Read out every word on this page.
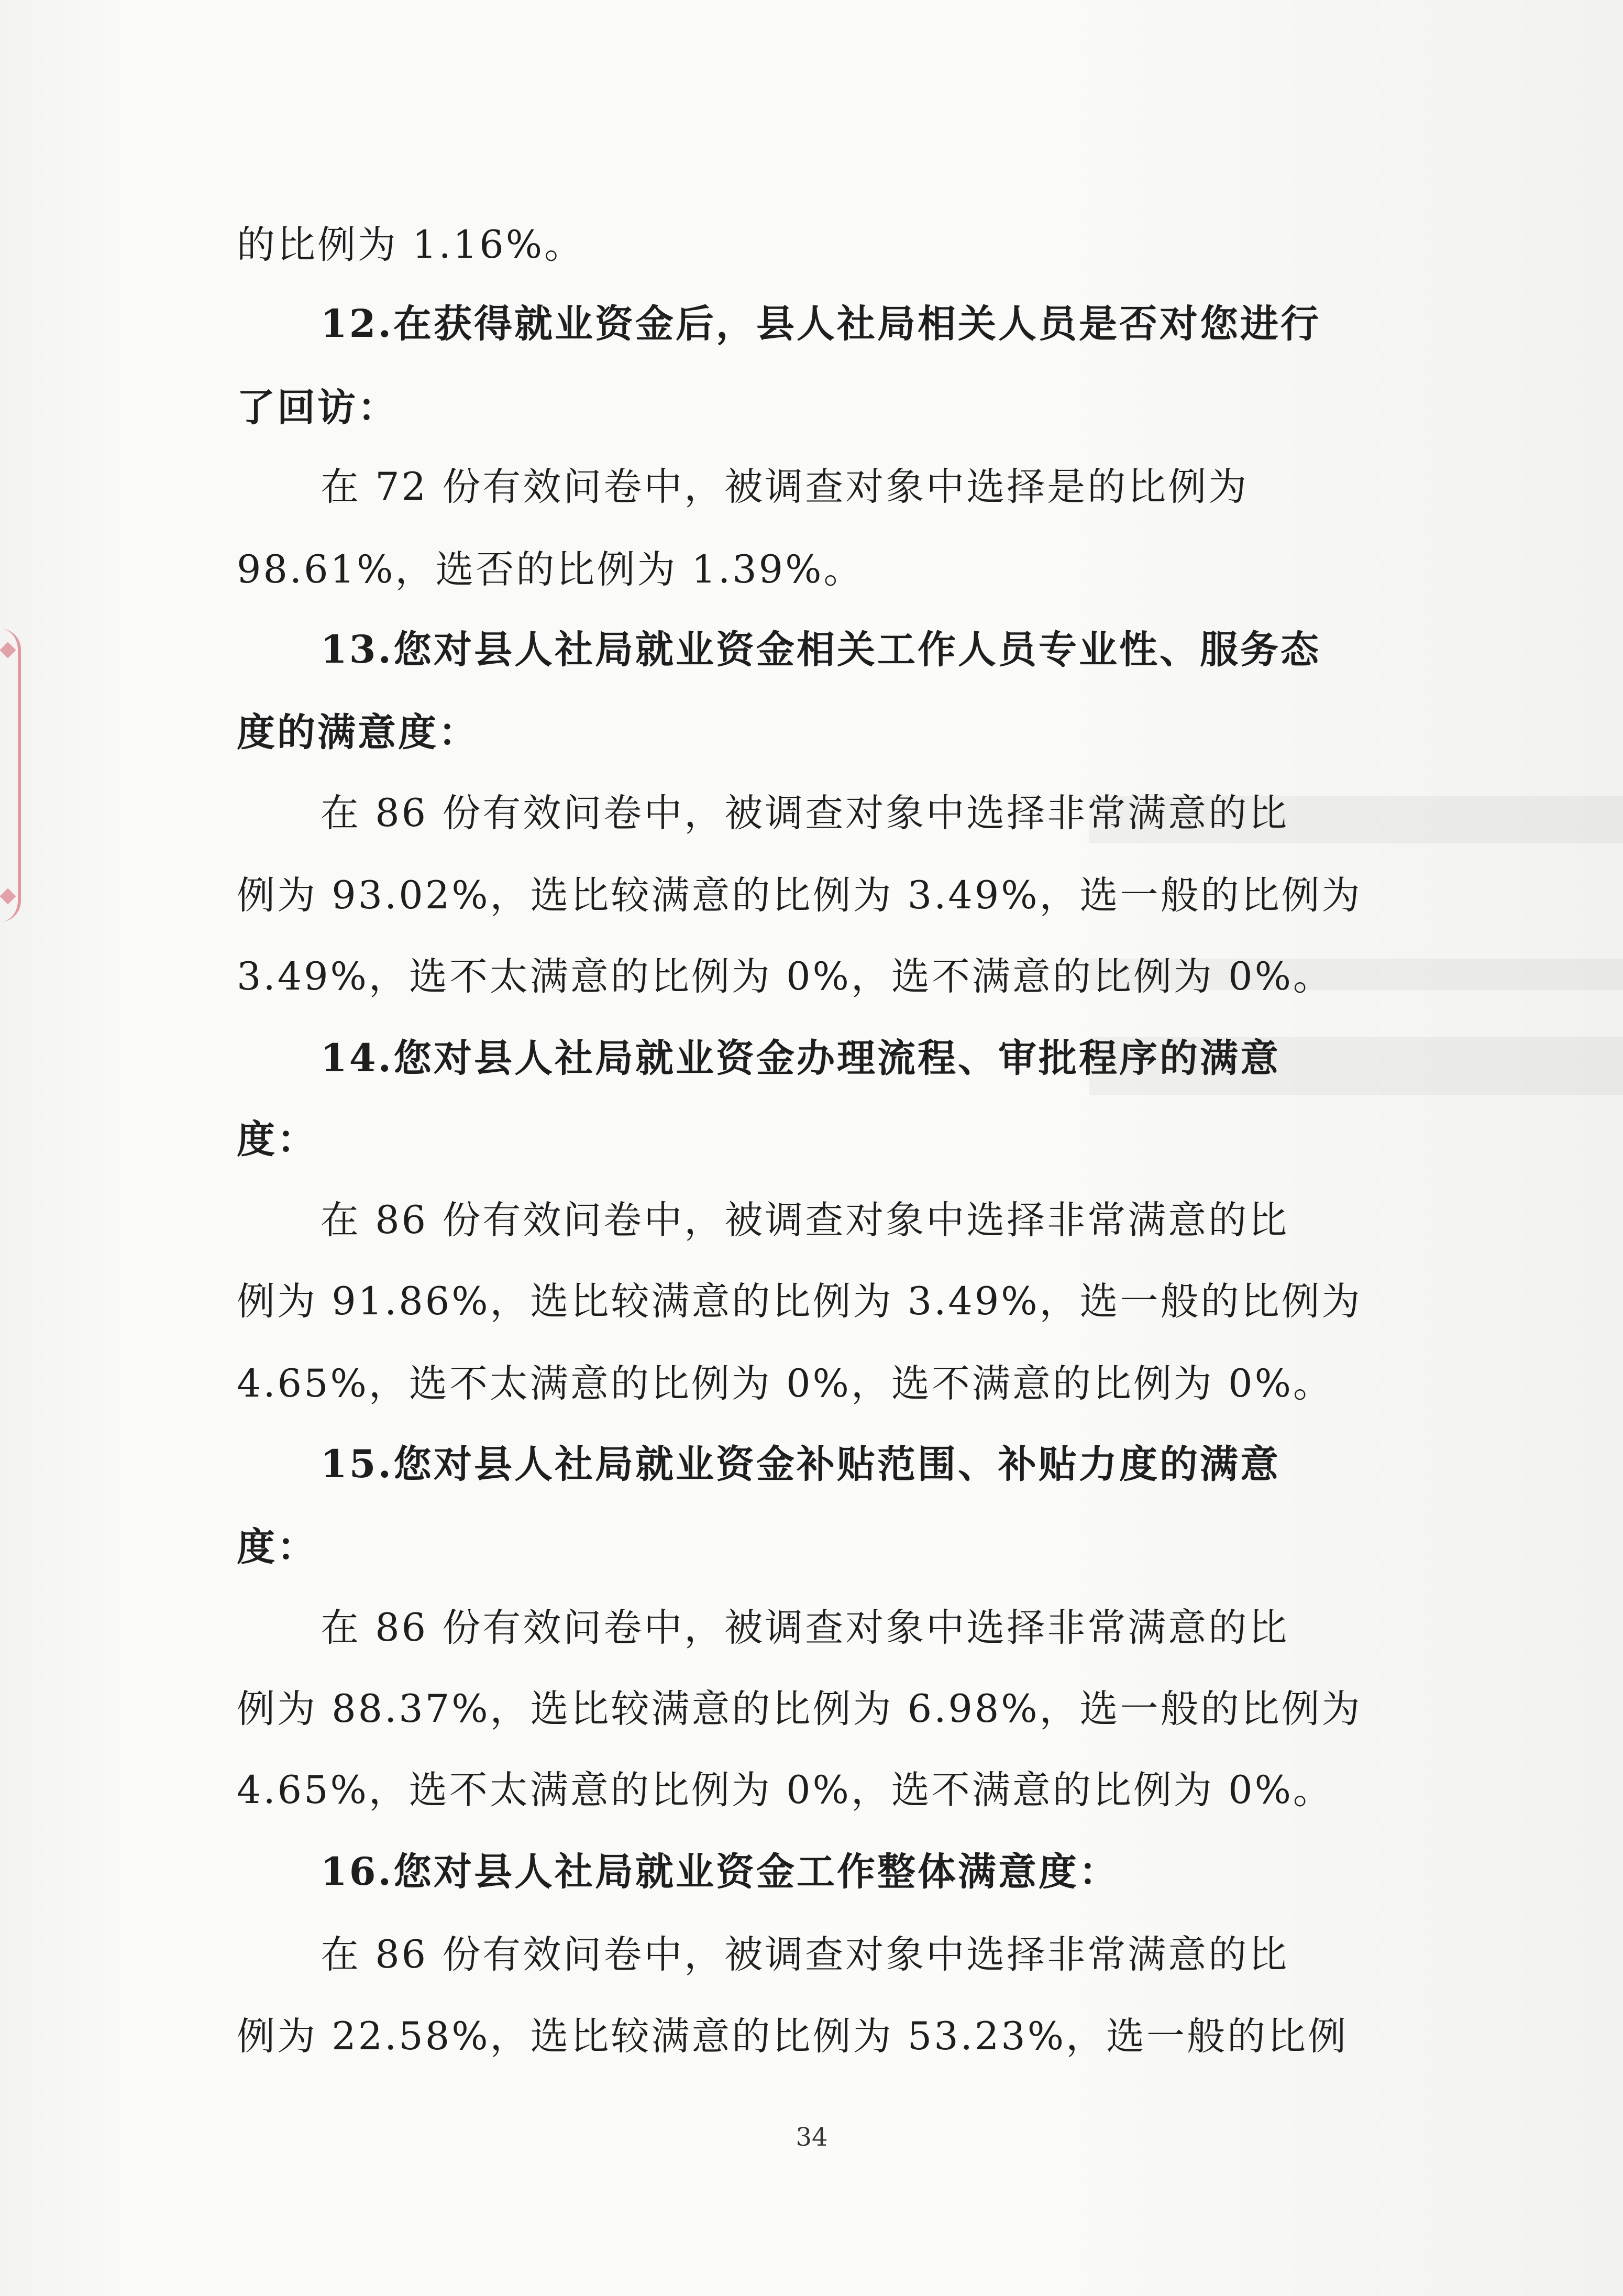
的比例为 1.16%。
12.在获得就业资金后，县人社局相关人员是否对您进行
了回访：
在 72 份有效问卷中，被调查对象中选择是的比例为
98.61%，选否的比例为 1.39%。
13.您对县人社局就业资金相关工作人员专业性、服务态
度的满意度：
在 86 份有效问卷中，被调查对象中选择非常满意的比
例为 93.02%，选比较满意的比例为 3.49%，选一般的比例为
3.49%，选不太满意的比例为 0%，选不满意的比例为 0%。
14.您对县人社局就业资金办理流程、审批程序的满意
度：
在 86 份有效问卷中，被调查对象中选择非常满意的比
例为 91.86%，选比较满意的比例为 3.49%，选一般的比例为
4.65%，选不太满意的比例为 0%，选不满意的比例为 0%。
15.您对县人社局就业资金补贴范围、补贴力度的满意
度：
在 86 份有效问卷中，被调查对象中选择非常满意的比
例为 88.37%，选比较满意的比例为 6.98%，选一般的比例为
4.65%，选不太满意的比例为 0%，选不满意的比例为 0%。
16.您对县人社局就业资金工作整体满意度：
在 86 份有效问卷中，被调查对象中选择非常满意的比
例为 22.58%，选比较满意的比例为 53.23%，选一般的比例
34
